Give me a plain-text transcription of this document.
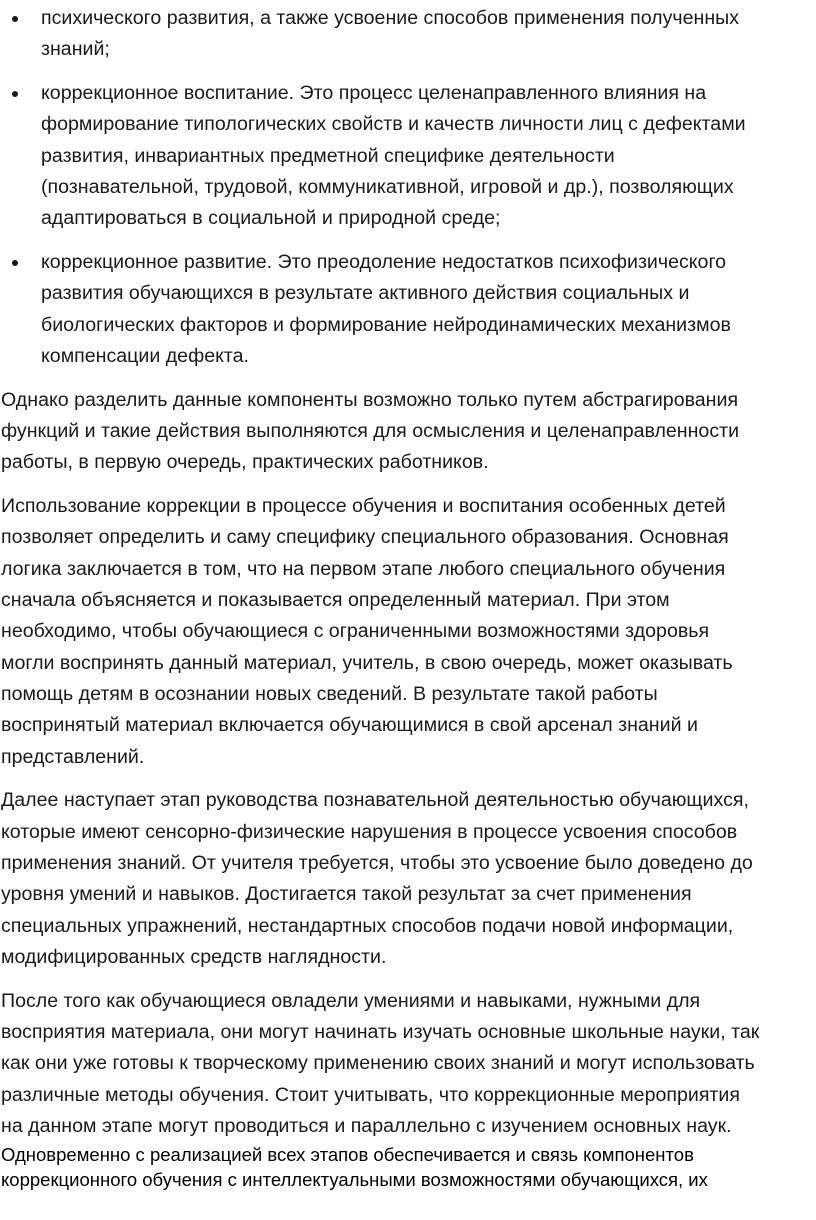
психического развития, а также усвоение способов применения полученных
знаний;
коррекционное воспитание. Это процесс целенаправленного влияния на
формирование типологических свойств и качеств личности лиц с дефектами
развития, инвариантных предметной специфике деятельности
(познавательной, трудовой, коммуникативной, игровой и др.), позволяющих
адаптироваться в социальной и природной среде;
коррекционное развитие. Это преодоление недостатков психофизического
развития обучающихся в результате активного действия социальных и
биологических факторов и формирование нейродинамических механизмов
компенсации дефекта.

Однако разделить данные компоненты возможно только путем абстрагирования
функций и такие действия выполняются для осмысления и целенаправленности
работы, в первую очередь, практических работников.

Использование коррекции в процессе обучения и воспитания особенных детей
позволяет определить и саму специфику специального образования. Основная
логика заключается в том, что на первом этапе любого специального обучения
сначала объясняется и показывается определенный материал. При этом
необходимо, чтобы обучающиеся с ограниченными возможностями здоровья
могли воспринять данный материал, учитель, в свою очередь, может оказывать
помощь детям в осознании новых сведений. В результате такой работы
воспринятый материал включается обучающимися в свой арсенал знаний и
представлений.

Далее наступает этап руководства познавательной деятельностью обучающихся,
которые имеют сенсорно-физические нарушения в процессе усвоения способов
применения знаний. От учителя требуется, чтобы это усвоение было доведено до
уровня умений и навыков. Достигается такой результат за счет применения
специальных упражнений, нестандартных способов подачи новой информации,
модифицированных средств наглядности.

После того как обучающиеся овладели умениями и навыками, нужными для
восприятия материала, они могут начинать изучать основные школьные науки, так
как они уже готовы к творческому применению своих знаний и могут использовать
различные методы обучения. Стоит учитывать, что коррекционные мероприятия
на данном этапе могут проводиться и параллельно с изучением основных наук.

Одновременно с реализацией всех этапов обеспечивается и связь компонентов
коррекционного обучения с интеллектуальными возможностями обучающихся, их
